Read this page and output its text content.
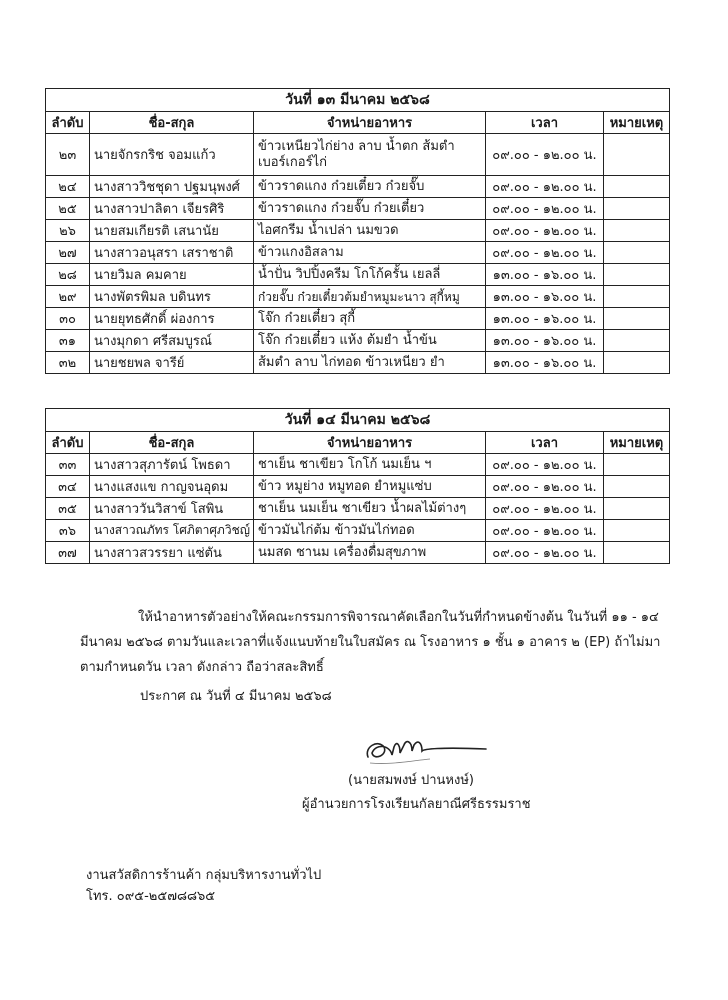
วันที่ ๑๓ มีนาคม ๒๕๖๘				
ลำดับ	ชื่อ-สกุล	จำหน่ายอาหาร	เวลา	หมายเหตุ
๒๓	นายจักรกริช จอมแก้ว	ข้าวเหนียวไก่ย่าง ลาบ น้ำตก ส้มตำ เบอร์เกอร์ไก่	๐๙.๐๐ - ๑๒.๐๐ น.	
๒๔	นางสาววิชชุดา ปฐมนุพงศ์	ข้าวราดแกง ก๋วยเตี๋ยว ก๋วยจั๊บ	๐๙.๐๐ - ๑๒.๐๐ น.	
๒๕	นางสาวปาลิตา เจียรศิริ	ข้าวราดแกง ก๋วยจั๊บ ก๋วยเตี๋ยว	๐๙.๐๐ - ๑๒.๐๐ น.	
๒๖	นายสมเกียรติ เสนานัย	ไอศกรีม น้ำเปล่า นมขวด	๐๙.๐๐ - ๑๒.๐๐ น.	
๒๗	นางสาวอนุสรา เสราชาติ	ข้าวแกงอิสลาม	๐๙.๐๐ - ๑๒.๐๐ น.	
๒๘	นายวิมล คมคาย	น้ำปั่น วิปปิ้งครีม โกโก้ครั้น เยลลี่	๑๓.๐๐ - ๑๖.๐๐ น.	
๒๙	นางพัตรพิมล บดินทร	ก๋วยจั๊บ ก๋วยเตี๋ยวต้มยำหมูมะนาว สุกี้หมู	๑๓.๐๐ - ๑๖.๐๐ น.	
๓๐	นายยุทธศักดิ์ ผ่องการ	โจ๊ก ก๋วยเตี๋ยว สุกี้	๑๓.๐๐ - ๑๖.๐๐ น.	
๓๑	นางมุกดา ศรีสมบูรณ์	โจ๊ก ก๋วยเตี๋ยว แห้ง ต้มยำ น้ำข้น	๑๓.๐๐ - ๑๖.๐๐ น.	
๓๒	นายชยพล จารีย์	ส้มตำ ลาบ ไก่ทอด ข้าวเหนียว ยำ	๑๓.๐๐ - ๑๖.๐๐ น.	
วันที่ ๑๔ มีนาคม ๒๕๖๘				
ลำดับ	ชื่อ-สกุล	จำหน่ายอาหาร	เวลา	หมายเหตุ
๓๓	นางสาวสุภารัตน์ โพธดา	ชาเย็น ชาเขียว โกโก้ นมเย็น ฯ	๐๙.๐๐ - ๑๒.๐๐ น.	
๓๔	นางแสงแข กาญจนอุดม	ข้าว หมูย่าง หมูทอด ยำหมูแซ่บ	๐๙.๐๐ - ๑๒.๐๐ น.	
๓๕	นางสาววันวิสาข์ โสพิน	ชาเย็น นมเย็น ชาเขียว น้ำผลไม้ต่างๆ	๐๙.๐๐ - ๑๒.๐๐ น.	
๓๖	นางสาวณภัทร โศภิตาศุภวิชญ์	ข้าวมันไก่ต้ม ข้าวมันไก่ทอด	๐๙.๐๐ - ๑๒.๐๐ น.	
๓๗	นางสาวสวรรยา แซ่ตัน	นมสด ชานม เครื่องดื่มสุขภาพ	๐๙.๐๐ - ๑๒.๐๐ น.	
ให้นำอาหารตัวอย่างให้คณะกรรมการพิจารณาคัดเลือกในวันที่กำหนดข้างต้น ในวันที่ ๑๑ - ๑๔ มีนาคม ๒๕๖๘ ตามวันและเวลาที่แจ้งแนบท้ายในใบสมัคร ณ โรงอาหาร ๑ ชั้น ๑ อาคาร ๒ (EP) ถ้าไม่มาตามกำหนดวัน เวลา ดังกล่าว ถือว่าสละสิทธิ์
ประกาศ ณ วันที่ ๔ มีนาคม ๒๕๖๘
(นายสมพงษ์ ปานหงษ์)
ผู้อำนวยการโรงเรียนกัลยาณีศรีธรรมราช
งานสวัสดิการร้านค้า กลุ่มบริหารงานทั่วไป
โทร. ๐๙๕-๒๕๗๘๘๖๕
